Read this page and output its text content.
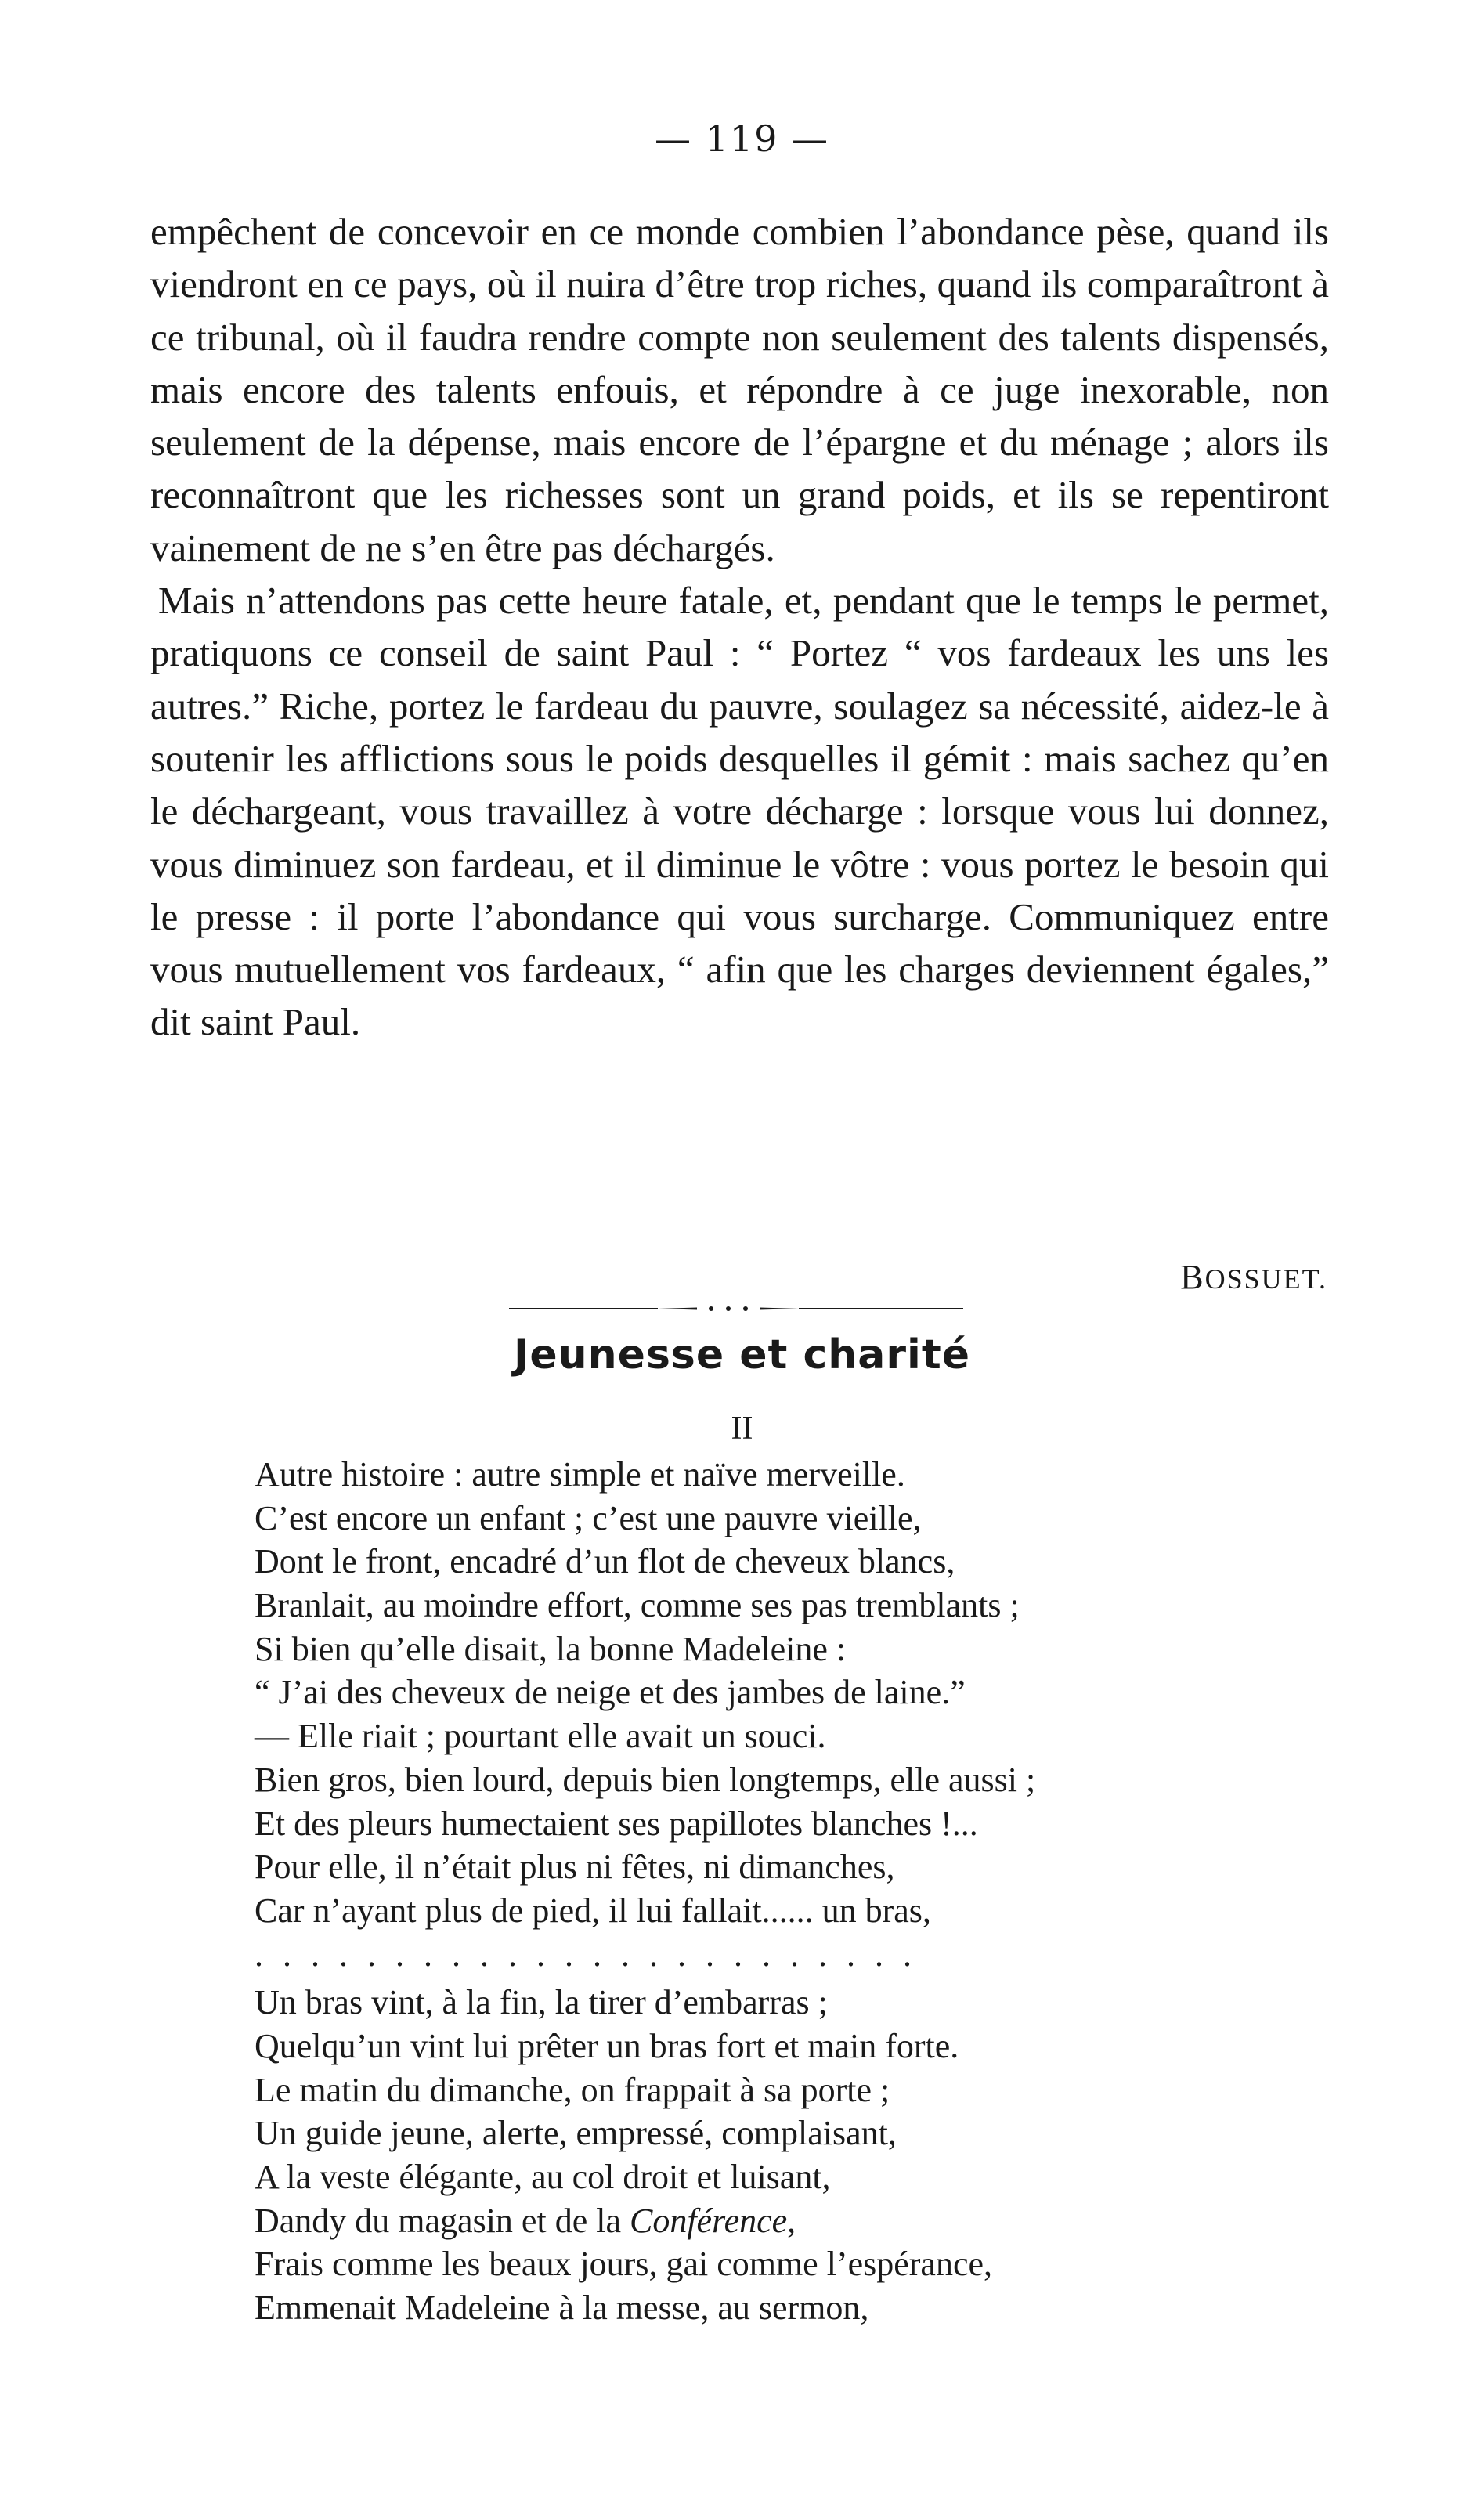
— 119 —

empêchent de concevoir en ce monde combien l’abondance pèse, quand ils viendront en ce pays, où il nuira d’être trop riches, quand ils comparaîtront à ce tribunal, où il faudra rendre compte non seulement des talents dispensés, mais encore des talents enfouis, et répondre à ce juge inexorable, non seulement de la dépense, mais encore de l’épargne et du ménage ; alors ils reconnaîtront que les richesses sont un grand poids, et ils se repentiront vainement de ne s’en être pas déchargés.

Mais n’attendons pas cette heure fatale, et, pendant que le temps le permet, pratiquons ce conseil de saint Paul : “ Portez “ vos fardeaux les uns les autres.” Riche, portez le fardeau du pauvre, soulagez sa nécessité, aidez-le à soutenir les afflictions sous le poids desquelles il gémit : mais sachez qu’en le déchargeant, vous travaillez à votre décharge : lorsque vous lui donnez, vous diminuez son fardeau, et il diminue le vôtre : vous portez le besoin qui le presse : il porte l’abondance qui vous surcharge. Communiquez entre vous mutuellement vos fardeaux, “ afin que les charges deviennent égales,” dit saint Paul.

BOSSUET.
Jeunesse et charité
II
Autre histoire : autre simple et naïve merveille.
C’est encore un enfant ; c’est une pauvre vieille,
Dont le front, encadré d’un flot de cheveux blancs,
Branlait, au moindre effort, comme ses pas tremblants ;
Si bien qu’elle disait, la bonne Madeleine :
“ J’ai des cheveux de neige et des jambes de laine.”
— Elle riait ; pourtant elle avait un souci.
Bien gros, bien lourd, depuis bien longtemps, elle aussi ;
Et des pleurs humectaient ses papillotes blanches !...
Pour elle, il n’était plus ni fêtes, ni dimanches,
Car n’ayant plus de pied, il lui fallait...... un bras,
. . . . . . . . . . . . . . . . . . . . . . . .
Un bras vint, à la fin, la tirer d’embarras ;
Quelqu’un vint lui prêter un bras fort et main forte.
Le matin du dimanche, on frappait à sa porte ;
Un guide jeune, alerte, empressé, complaisant,
A la veste élégante, au col droit et luisant,
Dandy du magasin et de la Conférence,
Frais comme les beaux jours, gai comme l’espérance,
Emmenait Madeleine à la messe, au sermon,
